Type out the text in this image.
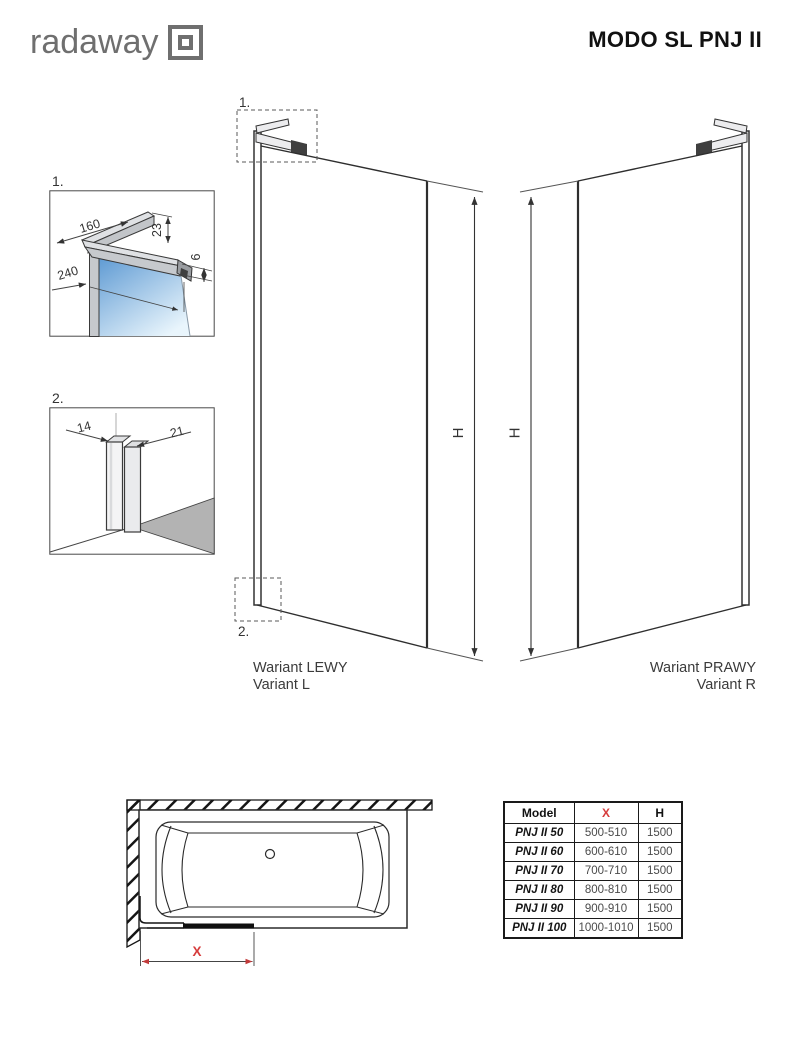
radaway	MODO SL PNJ II
1.
160	23
240
6
2.
14	21	H
1.
2.
H
Wariant LEWY
Variant L
Wariant PRAWY
Variant R
X
Model	X	H
PNJ II 50	500-510	1500
PNJ II 60	600-610	1500
PNJ II 70	700-710	1500
PNJ II 80	800-810	1500
PNJ II 90	900-910	1500
PNJ II 100	1000-1010	1500
